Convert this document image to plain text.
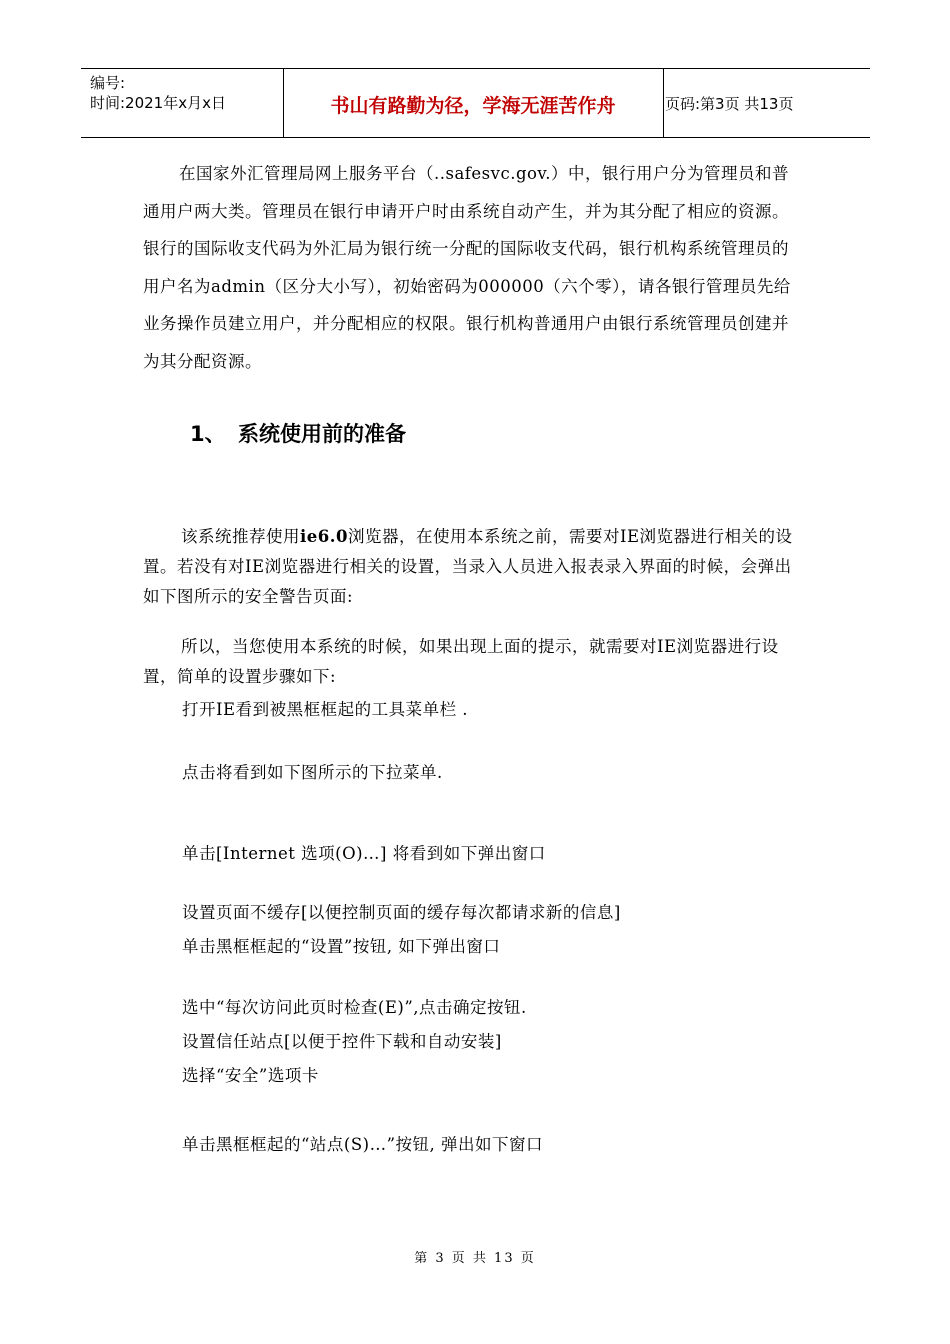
编号:
时间:2021年x月x日	书山有路勤为径，学海无涯苦作舟	页码:第3页 共13页
在国家外汇管理局网上服务平台（..safesvc.gov.）中，银行用户分为管理员和普通用户两大类。管理员在银行申请开户时由系统自动产生，并为其分配了相应的资源。银行的国际收支代码为外汇局为银行统一分配的国际收支代码，银行机构系统管理员的用户名为admin（区分大小写），初始密码为000000（六个零），请各银行管理员先给业务操作员建立用户，并分配相应的权限。银行机构普通用户由银行系统管理员创建并为其分配资源。
1、 系统使用前的准备
该系统推荐使用ie6.0浏览器，在使用本系统之前，需要对IE浏览器进行相关的设置。若没有对IE浏览器进行相关的设置，当录入人员进入报表录入界面的时候，会弹出如下图所示的安全警告页面:
所以，当您使用本系统的时候，如果出现上面的提示，就需要对IE浏览器进行设置，简单的设置步骤如下:
打开IE看到被黑框框起的工具菜单栏 .
点击将看到如下图所示的下拉菜单.
单击[Internet 选项(O)…] 将看到如下弹出窗口
设置页面不缓存[以便控制页面的缓存每次都请求新的信息]
单击黑框框起的“设置”按钮, 如下弹出窗口
选中“每次访问此页时检查(E)”,点击确定按钮.
设置信任站点[以便于控件下载和自动安装]
选择“安全”选项卡
单击黑框框起的“站点(S)…”按钮, 弹出如下窗口
第 3 页 共 13 页
